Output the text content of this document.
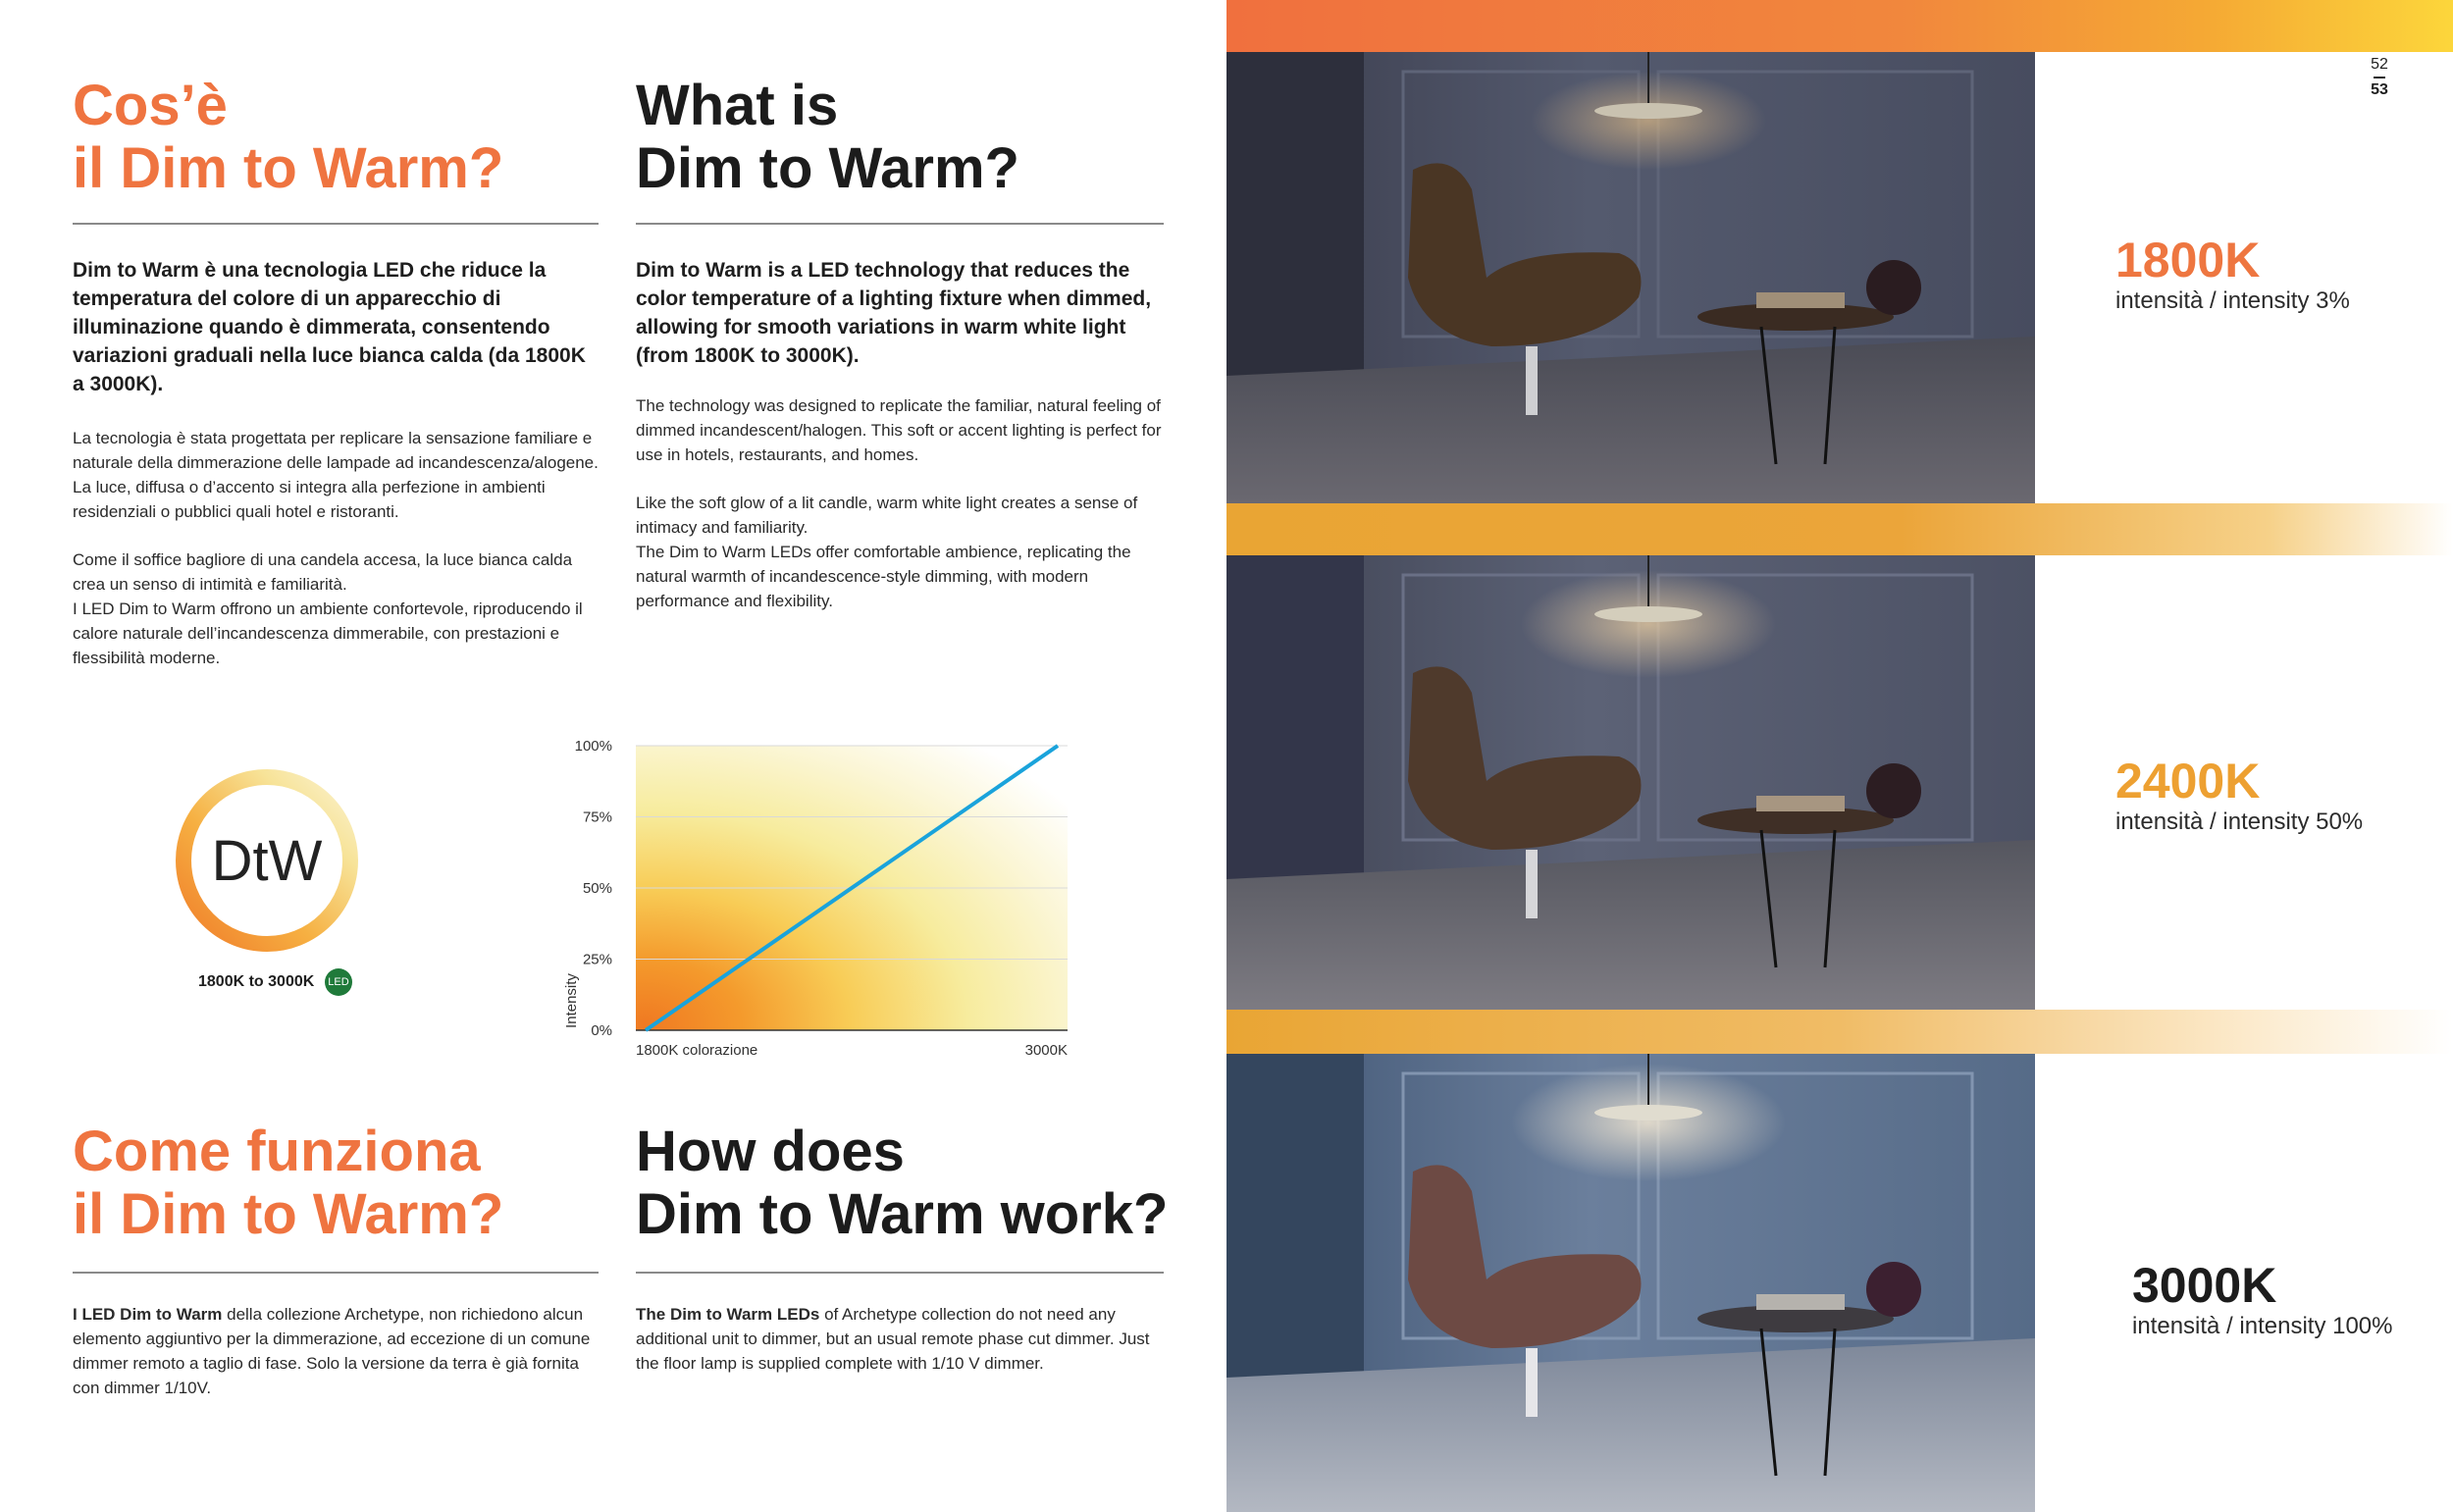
Cos’è
il Dim to Warm?
Dim to Warm è una tecnologia LED che riduce la temperatura del colore di un apparecchio di illuminazione quando è dimmerata, consentendo variazioni graduali nella luce bianca calda (da 1800K a 3000K).

La tecnologia è stata progettata per replicare la sensazione familiare e naturale della dimmerazione delle lampade ad incandescenza/alogene. La luce, diffusa o d’accento si integra alla perfezione in ambienti residenziali o pubblici quali hotel e ristoranti.

Come il soffice bagliore di una candela accesa, la luce bianca calda crea un senso di intimità e familiarità.
I LED Dim to Warm offrono un ambiente confortevole, riproducendo il calore naturale dell’incandescenza dimmerabile, con prestazioni e flessibilità moderne.
What is
Dim to Warm?
Dim to Warm is a LED technology that reduces the color temperature of a lighting fixture when dimmed, allowing for smooth variations in warm white light (from 1800K to 3000K).

The technology was designed to replicate the familiar, natural feeling of dimmed incandescent/halogen. This soft or accent lighting is perfect for use in hotels, restaurants, and homes.

Like the soft glow of a lit candle, warm white light creates a sense of intimacy and familiarity.
The Dim to Warm LEDs offer comfortable ambience, replicating the natural warmth of incandescence-style dimming, with modern performance and flexibility.
DtW
1800K to 3000K LED
100%
75%
50%
25%
0%
Intensity
1800K colorazione	3000K
Come funziona
il Dim to Warm?
I LED Dim to Warm della collezione Archetype, non richiedono alcun elemento aggiuntivo per la dimmerazione, ad eccezione di un comune dimmer remoto a taglio di fase. Solo la versione da terra è già fornita con dimmer 1/10V.
How does
Dim to Warm work?
The Dim to Warm LEDs of Archetype collection do not need any additional unit to dimmer, but an usual remote phase cut dimmer. Just the floor lamp is supplied complete with 1/10 V dimmer.
52
53
1800K
intensità / intensity 3%
2400K
intensità / intensity 50%
3000K
intensità / intensity 100%
